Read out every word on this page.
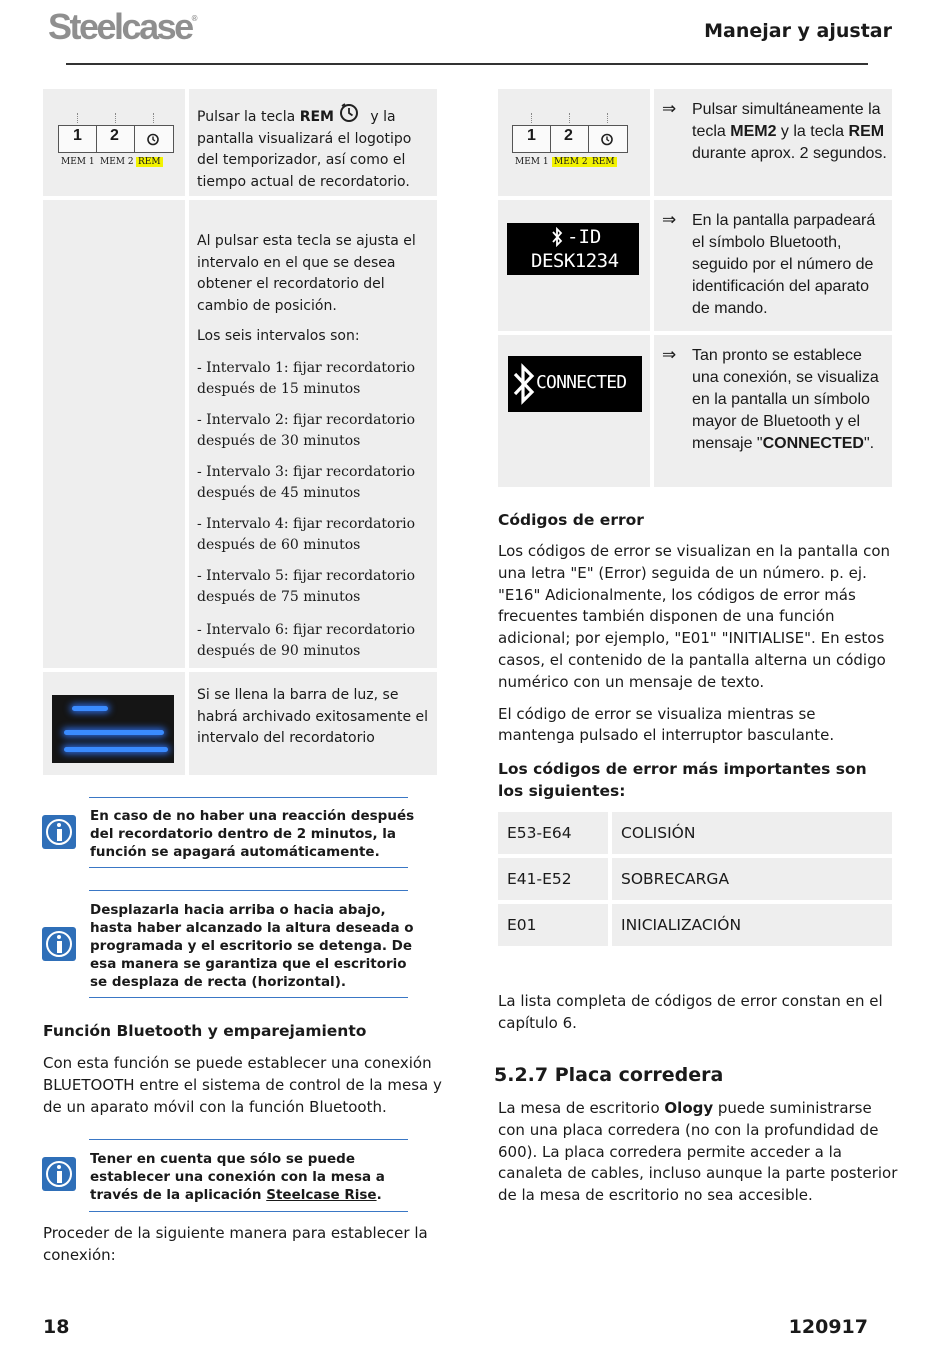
Steelcase®
Manejar y ajustar
1 2
MEM 1 MEM 2 REM
Pulsar la tecla REM y la pantalla visualizará el logotipo del temporizador, así como el tiempo actual de recordatorio.

Al pulsar esta tecla se ajusta el intervalo en el que se desea obtener el recordatorio del cambio de posición.

Los seis intervalos son:

- Intervalo 1: fijar recordatorio después de 15 minutos

- Intervalo 2: fijar recordatorio después de 30 minutos

- Intervalo 3: fijar recordatorio después de 45 minutos

- Intervalo 4: fijar recordatorio después de 60 minutos

- Intervalo 5: fijar recordatorio después de 75 minutos

- Intervalo 6: fijar recordatorio después de 90 minutos

Si se llena la barra de luz, se habrá archivado exitosamente el intervalo del recordatorio
En caso de no haber una reacción después del recordatorio dentro de 2 minutos, la función se apagará automáticamente.
Desplazarla hacia arriba o hacia abajo, hasta haber alcanzado la altura deseada o programada y el escritorio se detenga. De esa manera se garantiza que el escritorio se desplaza de recta (horizontal).
Función Bluetooth y emparejamiento
Con esta función se puede establecer una conexión BLUETOOTH entre el sistema de control de la mesa y de un aparato móvil con la función Bluetooth.
Tener en cuenta que sólo se puede establecer una conexión con la mesa a través de la aplicación Steelcase Rise.
Proceder de la siguiente manera para establecer la conexión:
1 2
MEM 1 MEM 2 REM
⇒ Pulsar simultáneamente la tecla MEM2 y la tecla REM durante aprox. 2 segundos.
-ID
DESK1234
⇒ En la pantalla parpadeará el símbolo Bluetooth, seguido por el número de identificación del aparato de mando.
CONNECTED
⇒ Tan pronto se establece una conexión, se visualiza en la pantalla un símbolo mayor de Bluetooth y el mensaje "CONNECTED".
Códigos de error

Los códigos de error se visualizan en la pantalla con una letra "E" (Error) seguida de un número. p. ej. "E16" Adicionalmente, los códigos de error más frecuentes también disponen de una función adicional; por ejemplo, "E01" "INITIALISE". En estos casos, el contenido de la pantalla alterna un código numérico con un mensaje de texto.

El código de error se visualiza mientras se mantenga pulsado el interruptor basculante.

Los códigos de error más importantes son los siguientes:
E53-E64	COLISIÓN
E41-E52	SOBRECARGA
E01	INICIALIZACIÓN
La lista completa de códigos de error constan en el capítulo 6.
5.2.7 Placa corredera
La mesa de escritorio Ology puede suministrarse con una placa corredera (no con la profundidad de 600). La placa corredera permite acceder a la canaleta de cables, incluso aunque la parte posterior de la mesa de escritorio no sea accesible.
18	120917
